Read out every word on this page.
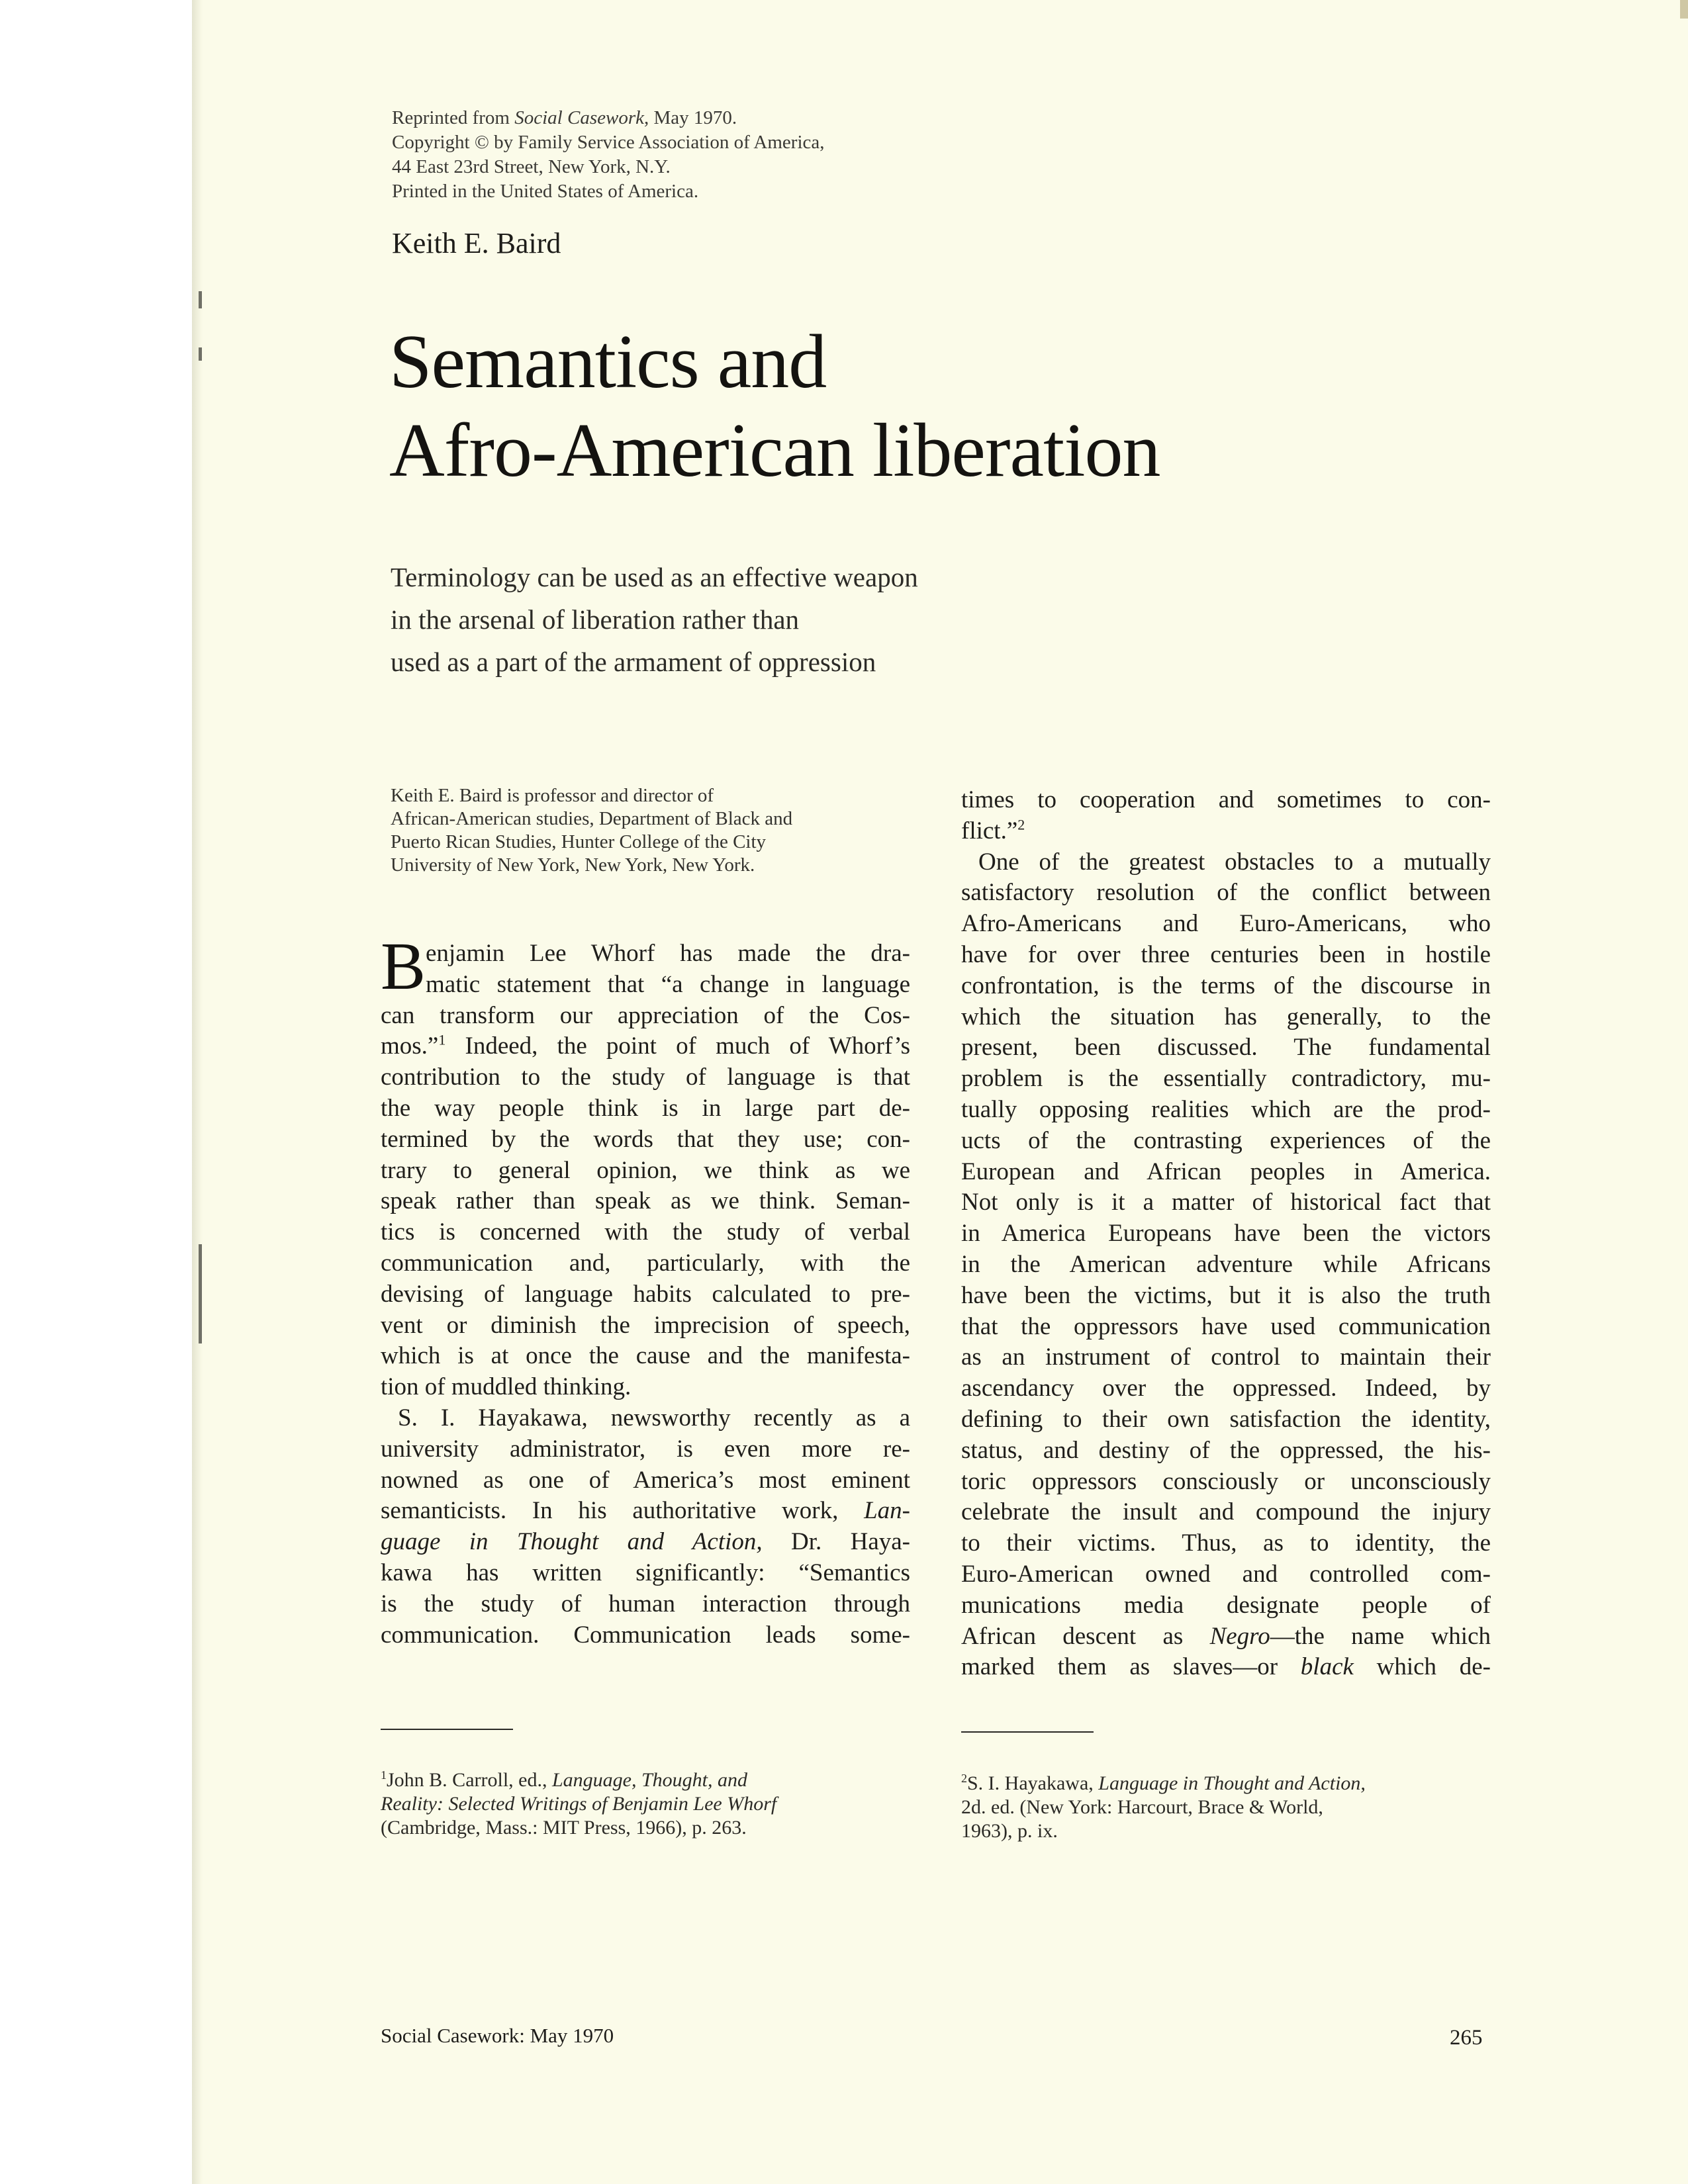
Reprinted from Social Casework, May 1970.
Copyright © by Family Service Association of America,
44 East 23rd Street, New York, N.Y.
Printed in the United States of America.
Keith E. Baird
Semantics and
Afro-American liberation
Terminology can be used as an effective weapon
in the arsenal of liberation rather than
used as a part of the armament of oppression
Keith E. Baird is professor and director of
African-American studies, Department of Black and
Puerto Rican Studies, Hunter College of the City
University of New York, New York, New York.
B enjamin Lee Whorf has made the dra-
matic statement that “a change in language
can transform our appreciation of the Cos-
mos.”$^1$ Indeed, the point of much of Whorf’s
contribution to the study of language is that
the way people think is in large part de-
termined by the words that they use; con-
trary to general opinion, we think as we
speak rather than speak as we think. Seman-
tics is concerned with the study of verbal
communication and, particularly, with the
devising of language habits calculated to pre-
vent or diminish the imprecision of speech,
which is at once the cause and the manifesta-
tion of muddled thinking.
S. I. Hayakawa, newsworthy recently as a
university administrator, is even more re-
nowned as one of America’s most eminent
semanticists. In his authoritative work, Lan-
guage in Thought and Action, Dr. Haya-
kawa has written significantly: “Semantics
is the study of human interaction through
communication. Communication leads some-
times to cooperation and sometimes to con-
flict.”$^2$
One of the greatest obstacles to a mutually
satisfactory resolution of the conflict between
Afro-Americans and Euro-Americans, who
have for over three centuries been in hostile
confrontation, is the terms of the discourse in
which the situation has generally, to the
present, been discussed. The fundamental
problem is the essentially contradictory, mu-
tually opposing realities which are the prod-
ucts of the contrasting experiences of the
European and African peoples in America.
Not only is it a matter of historical fact that
in America Europeans have been the victors
in the American adventure while Africans
have been the victims, but it is also the truth
that the oppressors have used communication
as an instrument of control to maintain their
ascendancy over the oppressed. Indeed, by
defining to their own satisfaction the identity,
status, and destiny of the oppressed, the his-
toric oppressors consciously or unconsciously
celebrate the insult and compound the injury
to their victims. Thus, as to identity, the
Euro-American owned and controlled com-
munications media designate people of
African descent as Negro—the name which
marked them as slaves—or black which de-
$^1$John B. Carroll, ed., Language, Thought, and
Reality: Selected Writings of Benjamin Lee Whorf
(Cambridge, Mass.: MIT Press, 1966), p. 263.
$^2$S. I. Hayakawa, Language in Thought and Action,
2d. ed. (New York: Harcourt, Brace & World,
1963), p. ix.
Social Casework: May 1970	265
